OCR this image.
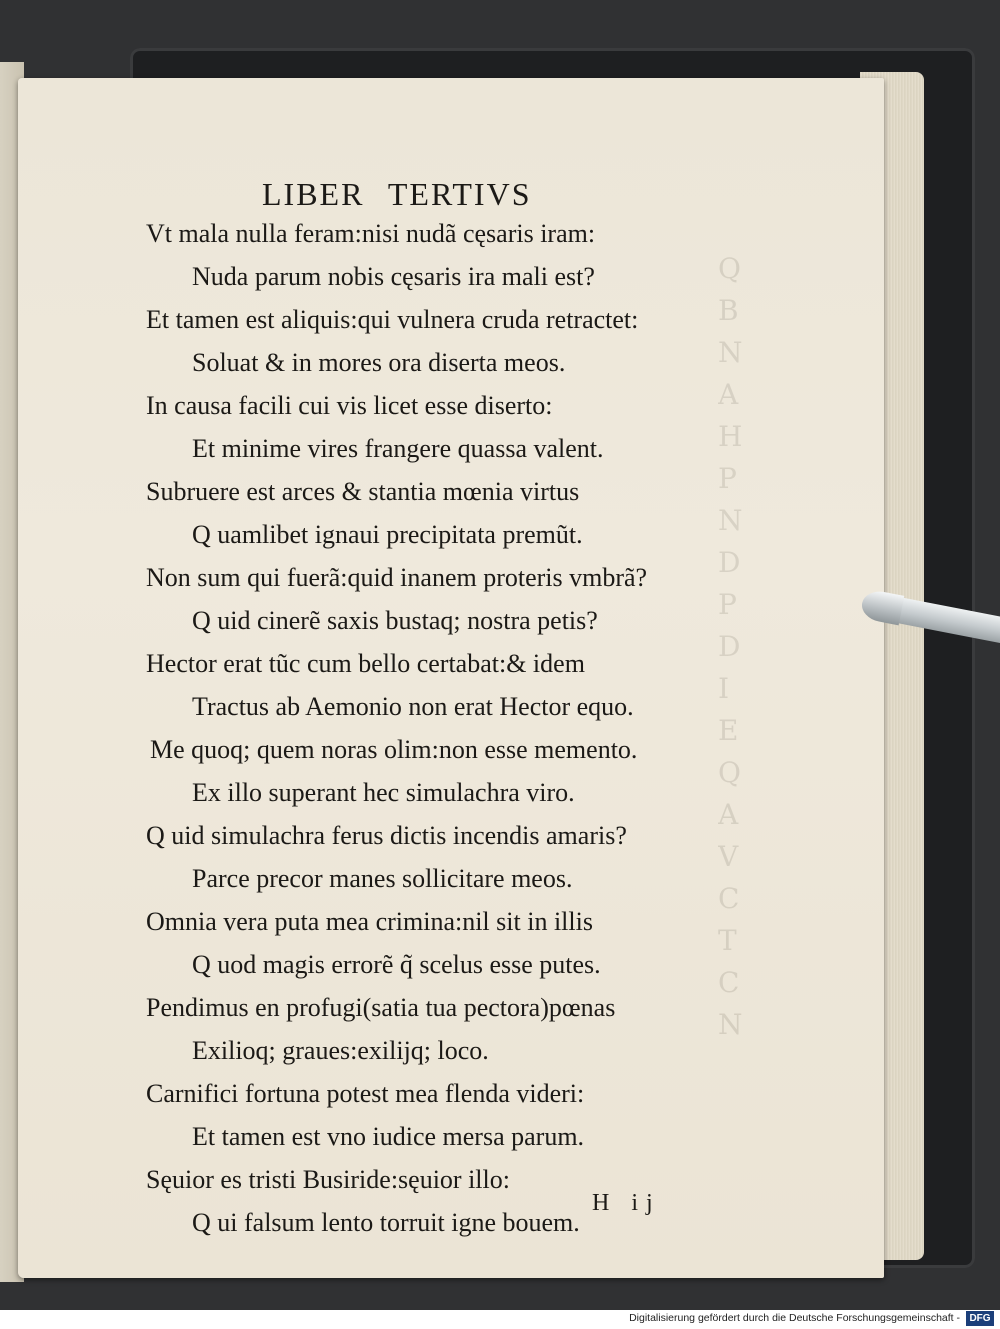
Q
B
N
A
H
P
N
D
P
D
I
E
Q
A
V
C
T
C
N
LIBER TERTIVS

Vt mala nulla feram:nisi nudã cęsaris iram:

Nuda parum nobis cęsaris ira mali est?

Et tamen est aliquis:qui vulnera cruda retractet:

Soluat & in mores ora diserta meos.

In causa facili cui vis licet esse diserto:

Et minime vires frangere quassa valent.

Subruere est arces & stantia mœnia virtus

Q uamlibet ignaui precipitata premũt.

Non sum qui fuerã:quid inanem proteris vmbrã?

Q uid cinerẽ saxis bustaq; nostra petis?

Hector erat tũc cum bello certabat:& idem

Tractus ab Aemonio non erat Hector equo.

Me quoq; quem noras olim:non esse memento.

Ex illo superant hec simulachra viro.

Q uid simulachra ferus dictis incendis amaris?

Parce precor manes sollicitare meos.

Omnia vera puta mea crimina:nil sit in illis

Q uod magis errorẽ q̃ scelus esse putes.

Pendimus en profugi(satia tua pectora)pœnas

Exilioq; graues:exilijq; loco.

Carnifici fortuna potest mea flenda videri:

Et tamen est vno iudice mersa parum.

Sęuior es tristi Busiride:sęuior illo:

Q ui falsum lento torruit igne bouem.

H ij

Digitalisierung gefördert durch die Deutsche Forschungsgemeinschaft - DFG
